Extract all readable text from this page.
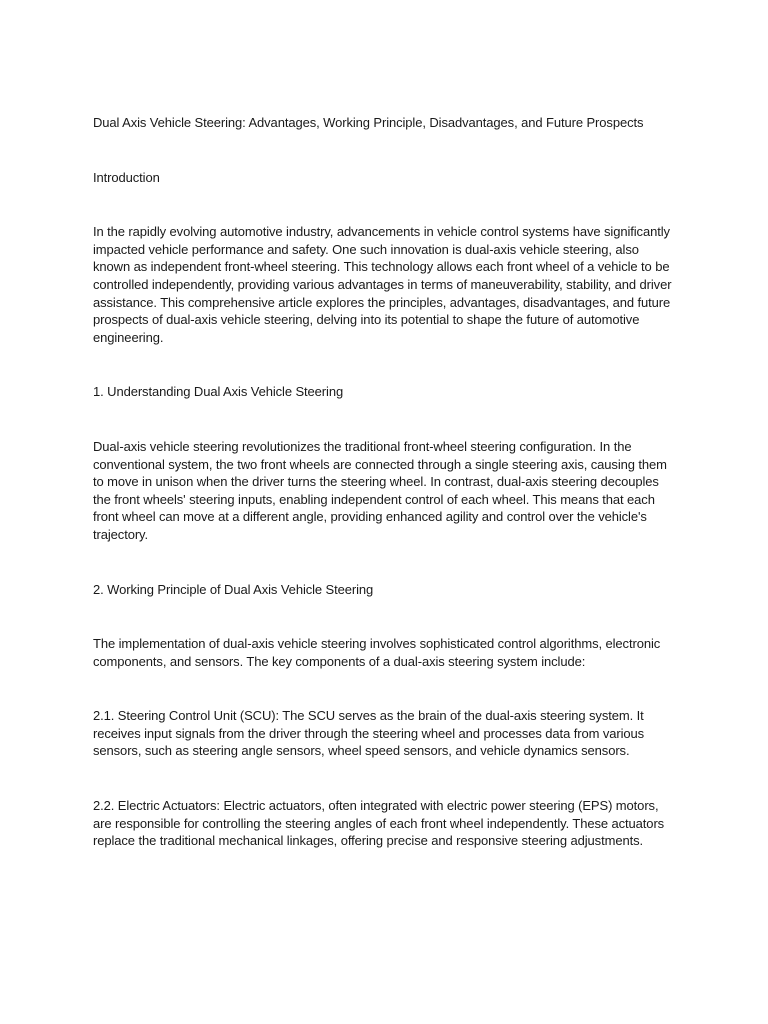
Dual Axis Vehicle Steering: Advantages, Working Principle, Disadvantages, and Future Prospects

Introduction

In the rapidly evolving automotive industry, advancements in vehicle control systems have significantly impacted vehicle performance and safety. One such innovation is dual-axis vehicle steering, also known as independent front-wheel steering. This technology allows each front wheel of a vehicle to be controlled independently, providing various advantages in terms of maneuverability, stability, and driver assistance. This comprehensive article explores the principles, advantages, disadvantages, and future prospects of dual-axis vehicle steering, delving into its potential to shape the future of automotive engineering.

1. Understanding Dual Axis Vehicle Steering

Dual-axis vehicle steering revolutionizes the traditional front-wheel steering configuration. In the conventional system, the two front wheels are connected through a single steering axis, causing them to move in unison when the driver turns the steering wheel. In contrast, dual-axis steering decouples the front wheels' steering inputs, enabling independent control of each wheel. This means that each front wheel can move at a different angle, providing enhanced agility and control over the vehicle's trajectory.

2. Working Principle of Dual Axis Vehicle Steering

The implementation of dual-axis vehicle steering involves sophisticated control algorithms, electronic components, and sensors. The key components of a dual-axis steering system include:

2.1. Steering Control Unit (SCU): The SCU serves as the brain of the dual-axis steering system. It receives input signals from the driver through the steering wheel and processes data from various sensors, such as steering angle sensors, wheel speed sensors, and vehicle dynamics sensors.

2.2. Electric Actuators: Electric actuators, often integrated with electric power steering (EPS) motors, are responsible for controlling the steering angles of each front wheel independently. These actuators replace the traditional mechanical linkages, offering precise and responsive steering adjustments.
